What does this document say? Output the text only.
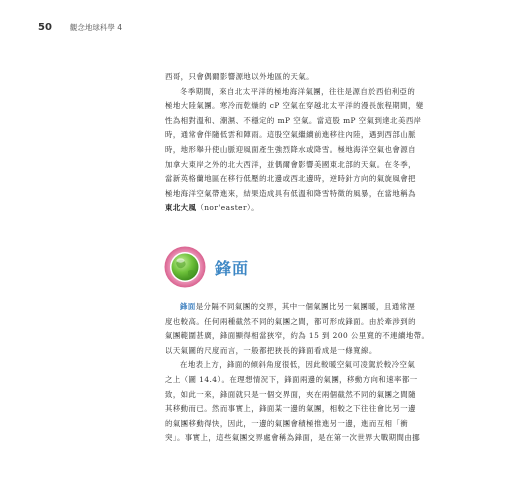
50 觀念地球科學 4
西哥，只會偶爾影響源地以外地區的天氣。
冬季期間，來自北太平洋的極地海洋氣團，往往是源自於西伯利亞的
極地大陸氣團。寒冷而乾燥的 cP 空氣在穿越北太平洋的漫長旅程期間，變
性為相對溫和、潮濕、不穩定的 mP 空氣。當這股 mP 空氣到達北美西岸
時，通常會伴隨低雲和陣雨。這股空氣繼續前進移往內陸，遇到西部山脈
時，地形舉升使山脈迎風面產生強烈降水或降雪。極地海洋空氣也會源自
加拿大東岸之外的北大西洋，並偶爾會影響美國東北部的天氣。在冬季，
當新英格蘭地區在移行低壓的北邊或西北邊時，逆時針方向的氣旋風會把
極地海洋空氣帶進來，結果造成具有低溫和降雪特徵的風暴，在當地稱為
東北大風（nor'easter）。
鋒面
鋒面是分隔不同氣團的交界，其中一個氣團比另一氣團暖，且通常溼
度也較高。任何兩種截然不同的氣團之間，都可形成鋒面。由於牽涉到的
氣團範圍甚廣，鋒面顯得相當狹窄，約為 15 到 200 公里寬的不連續地帶。
以天氣圖的尺度而言，一般都把狹長的鋒面看成是一條寬線。
在地表上方，鋒面的傾斜角度很低，因此較暖空氣可凌駕於較冷空氣
之上（圖 14.4）。在理想情況下，鋒面兩邊的氣團，移動方向和速率都一
致，如此一來，鋒面就只是一個交界面，夾在兩個截然不同的氣團之間隨
其移動而已。然而事實上，鋒面某一邊的氣團，相較之下往往會比另一邊
的氣團移動得快，因此，一邊的氣團會積極推進另一邊，進而互相「衝
突」。事實上，這些氣團交界處會稱為鋒面，是在第一次世界大戰期間由挪
